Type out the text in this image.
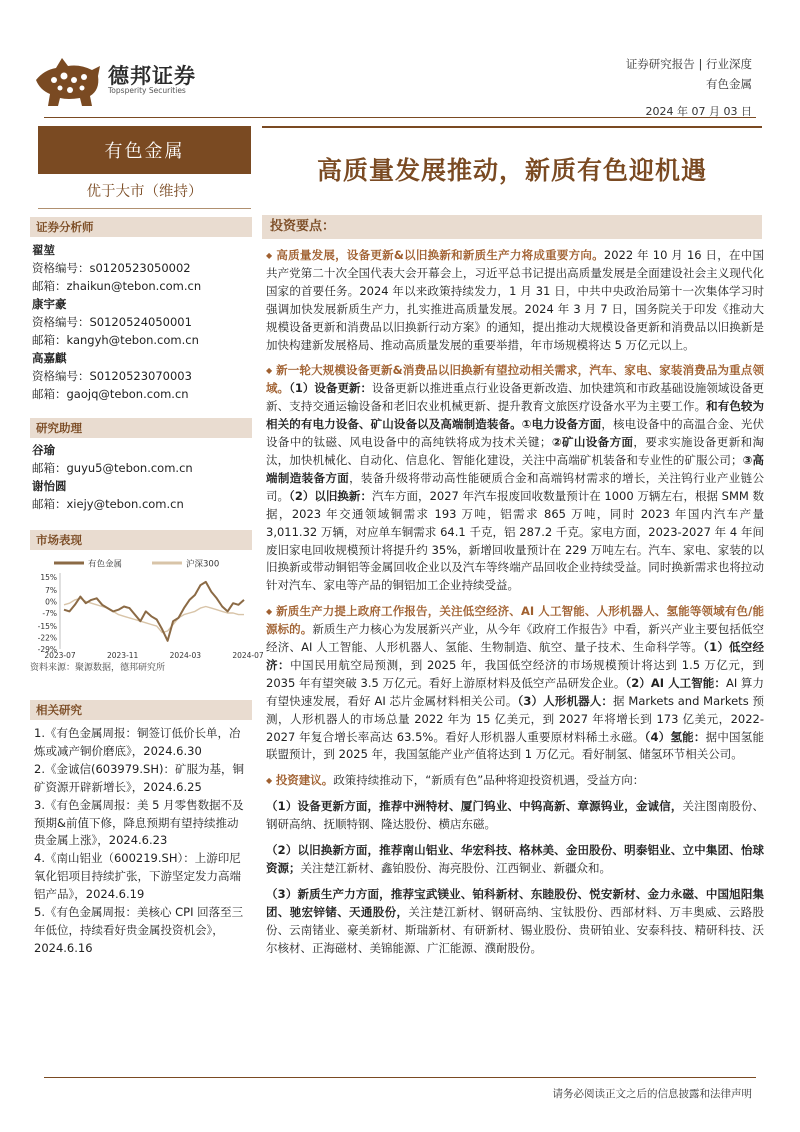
德邦证券
Topsperity Securities
证券研究报告 | 行业深度
有色金属
2024 年 07 月 03 日
有色金属
优于大市（维持）
证券分析师
翟堃
资格编号：s0120523050002
邮箱：zhaikun@tebon.com.cn
康宇豪
资格编号：S0120524050001
邮箱：kangyh@tebon.com.cn
高嘉麒
资格编号：S0120523070003
邮箱：gaojq@tebon.com.cn
研究助理
谷瑜
邮箱：guyu5@tebon.com.cn
谢怡圆
邮箱：xiejy@tebon.com.cn
市场表现
有色金属	沪深300
15%
7%
0%
-7%
-15%
-22%
-29%
2023-07	2023-11	2024-03	2024-07
资料来源：聚源数据，德邦研究所
相关研究
1.《有色金属周报：铜签订低价长单，冶炼或减产铜价磨底》，2024.6.30
2.《金诚信(603979.SH)：矿服为基，铜矿资源开辟新增长》，2024.6.25
3.《有色金属周报：美 5 月零售数据不及预期&前值下修，降息预期有望持续推动贵金属上涨》，2024.6.23
4.《南山铝业（600219.SH）：上游印尼氧化铝项目持续扩张，下游坚定发力高端铝产品》，2024.6.19
5.《有色金属周报：美核心 CPI 回落至三年低位，持续看好贵金属投资机会》，2024.6.16
高质量发展推动，新质有色迎机遇
投资要点：

◆ 高质量发展，设备更新&以旧换新和新质生产力将成重要方向。2022 年 10 月 16 日，在中国共产党第二十次全国代表大会开幕会上，习近平总书记提出高质量发展是全面建设社会主义现代化国家的首要任务。2024 年以来政策持续发力，1 月 31 日，中共中央政治局第十一次集体学习时强调加快发展新质生产力，扎实推进高质量发展。2024 年 3 月 7 日，国务院关于印发《推动大规模设备更新和消费品以旧换新行动方案》的通知，提出推动大规模设备更新和消费品以旧换新是加快构建新发展格局、推动高质量发展的重要举措，年市场规模将达 5 万亿元以上。

◆ 新一轮大规模设备更新&消费品以旧换新有望拉动相关需求，汽车、家电、家装消费品为重点领域。（1）设备更新：设备更新以推进重点行业设备更新改造、加快建筑和市政基础设施领域设备更新、支持交通运输设备和老旧农业机械更新、提升教育文旅医疗设备水平为主要工作。和有色较为相关的有电力设备、矿山设备以及高端制造装备。①电力设备方面，核电设备中的高温合金、光伏设备中的钛磁、风电设备中的高纯铁将成为技术关键；②矿山设备方面，要求实施设备更新和淘汰，加快机械化、自动化、信息化、智能化建设，关注中高端矿机装备和专业性的矿服公司；③高端制造装备方面，装备升级将带动高性能硬质合金和高端钨材需求的增长，关注钨行业产业链公司。（2）以旧换新：汽车方面，2027 年汽车报废回收数量预计在 1000 万辆左右，根据 SMM 数据，2023 年交通领域铜需求 193 万吨，铝需求 865 万吨，同时 2023 年国内汽车产量 3,011.32 万辆，对应单车铜需求 64.1 千克，铝 287.2 千克。家电方面，2023-2027 年 4 年间废旧家电回收规模预计将提升约 35%，新增回收量预计在 229 万吨左右。汽车、家电、家装的以旧换新或带动铜铝等金属回收企业以及汽车等终端产品回收企业持续受益。同时换新需求也将拉动针对汽车、家电等产品的铜铝加工企业持续受益。

◆ 新质生产力提上政府工作报告，关注低空经济、AI 人工智能、人形机器人、氢能等领域有色/能源标的。新质生产力核心为发展新兴产业，从今年《政府工作报告》中看，新兴产业主要包括低空经济、AI 人工智能、人形机器人、氢能、生物制造、航空、量子技术、生命科学等。（1）低空经济：中国民用航空局预测，到 2025 年，我国低空经济的市场规模预计将达到 1.5 万亿元，到 2035 年有望突破 3.5 万亿元。看好上游原材料及低空产品研发企业。（2）AI 人工智能：AI 算力有望快速发展，看好 AI 芯片金属材料相关公司。（3）人形机器人：据 Markets and Markets 预测，人形机器人的市场总量 2022 年为 15 亿美元，到 2027 年将增长到 173 亿美元，2022-2027 年复合增长率高达 63.5%。看好人形机器人重要原材料稀土永磁。（4）氢能：据中国氢能联盟预计，到 2025 年，我国氢能产业产值将达到 1 万亿元。看好制氢、储氢环节相关公司。

◆ 投资建议。政策持续推动下，“新质有色”品种将迎投资机遇，受益方向：

（1）设备更新方面，推荐中洲特材、厦门钨业、中钨高新、章源钨业，金诚信，关注图南股份、钢研高纳、抚顺特钢、隆达股份、横店东磁。

（2）以旧换新方面，推荐南山铝业、华宏科技、格林美、金田股份、明泰铝业、立中集团、怡球资源；关注楚江新材、鑫铂股份、海亮股份、江西铜业、新疆众和。

（3）新质生产力方面，推荐宝武镁业、铂科新材、东睦股份、悦安新材、金力永磁、中国旭阳集团、驰宏锌锗、天通股份，关注楚江新材、钢研高纳、宝钛股份、西部材料、万丰奥威、云路股份、云南锗业、豪美新材、斯瑞新材、有研新材、锡业股份、贵研铂业、安泰科技、精研科技、沃尔核材、正海磁材、美锦能源、广汇能源、濮耐股份。

请务必阅读正文之后的信息披露和法律声明
